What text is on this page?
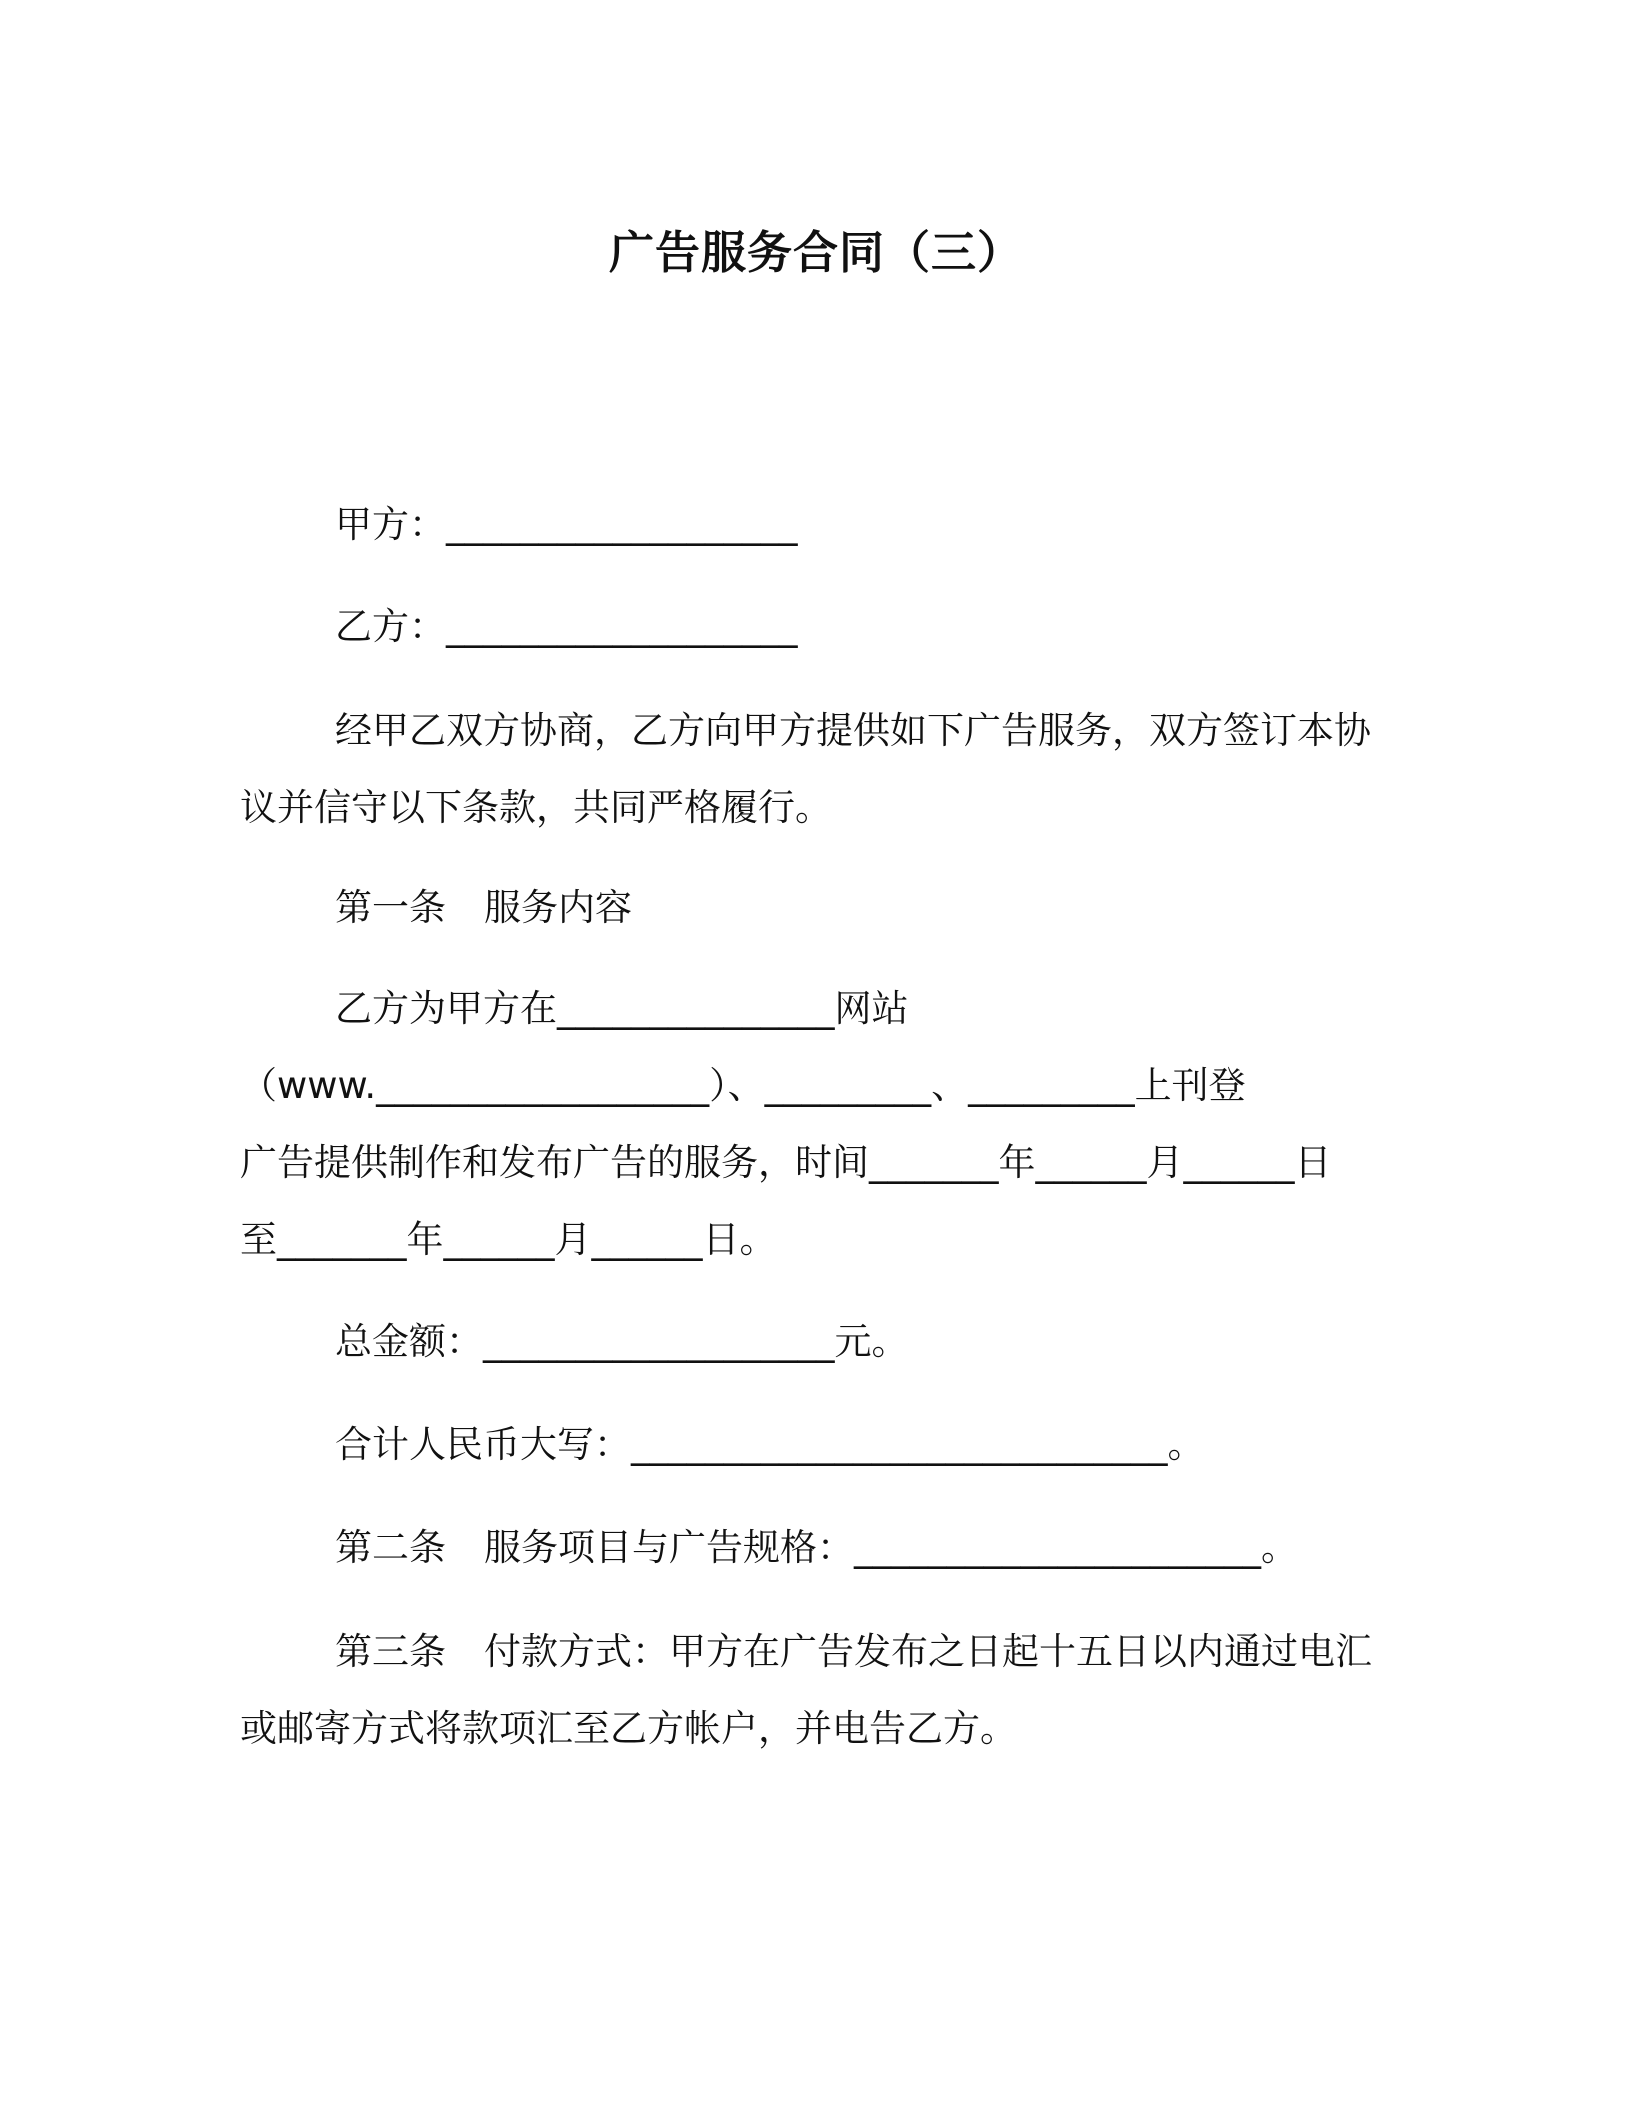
广告服务合同（三）
甲方：___________________
乙方：___________________
经甲乙双方协商，乙方向甲方提供如下广告服务，双方签订本协
议并信守以下条款，共同严格履行。
第一条 服务内容
乙方为甲方在_______________网站
（www.__________________）、_________、_________上刊登
广告提供制作和发布广告的服务，时间_______年______月______日
至_______年______月______日。
总金额：___________________元。
合计人民币大写：_____________________________。
第二条 服务项目与广告规格：______________________。
第三条 付款方式：甲方在广告发布之日起十五日以内通过电汇
或邮寄方式将款项汇至乙方帐户，并电告乙方。
